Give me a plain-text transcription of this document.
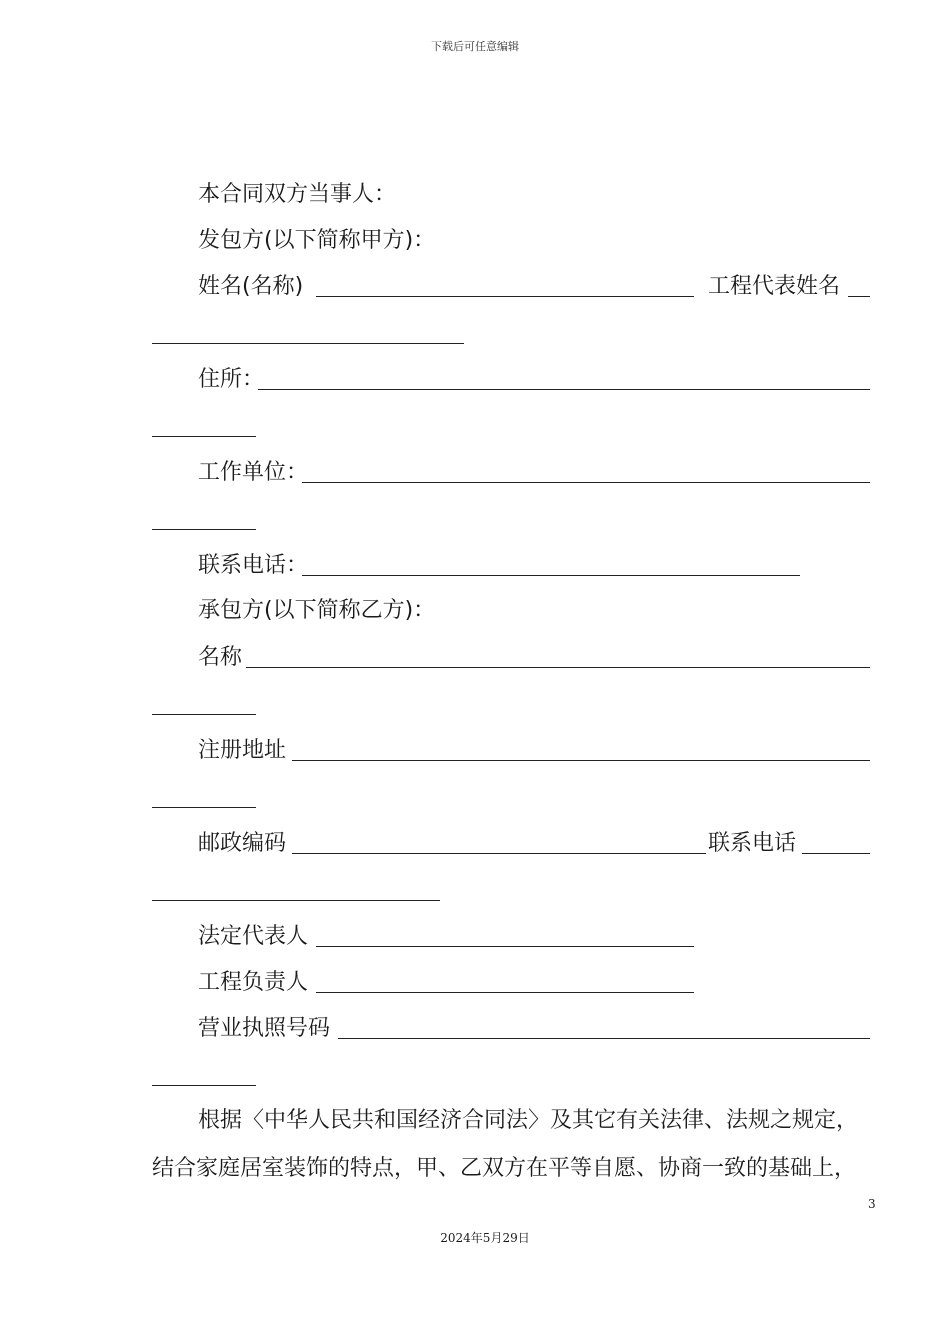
下载后可任意编辑
本合同双方当事人：
发包方(以下简称甲方)：
姓名(名称)	工程代表姓名
住所：
工作单位：
联系电话：
承包方(以下简称乙方)：
名称
注册地址
邮政编码	联系电话
法定代表人
工程负责人
营业执照号码
根据〈中华人民共和国经济合同法〉及其它有关法律、法规之规定，
结合家庭居室装饰的特点，甲、乙双方在平等自愿、协商一致的基础上，
3
2024年5月29日
